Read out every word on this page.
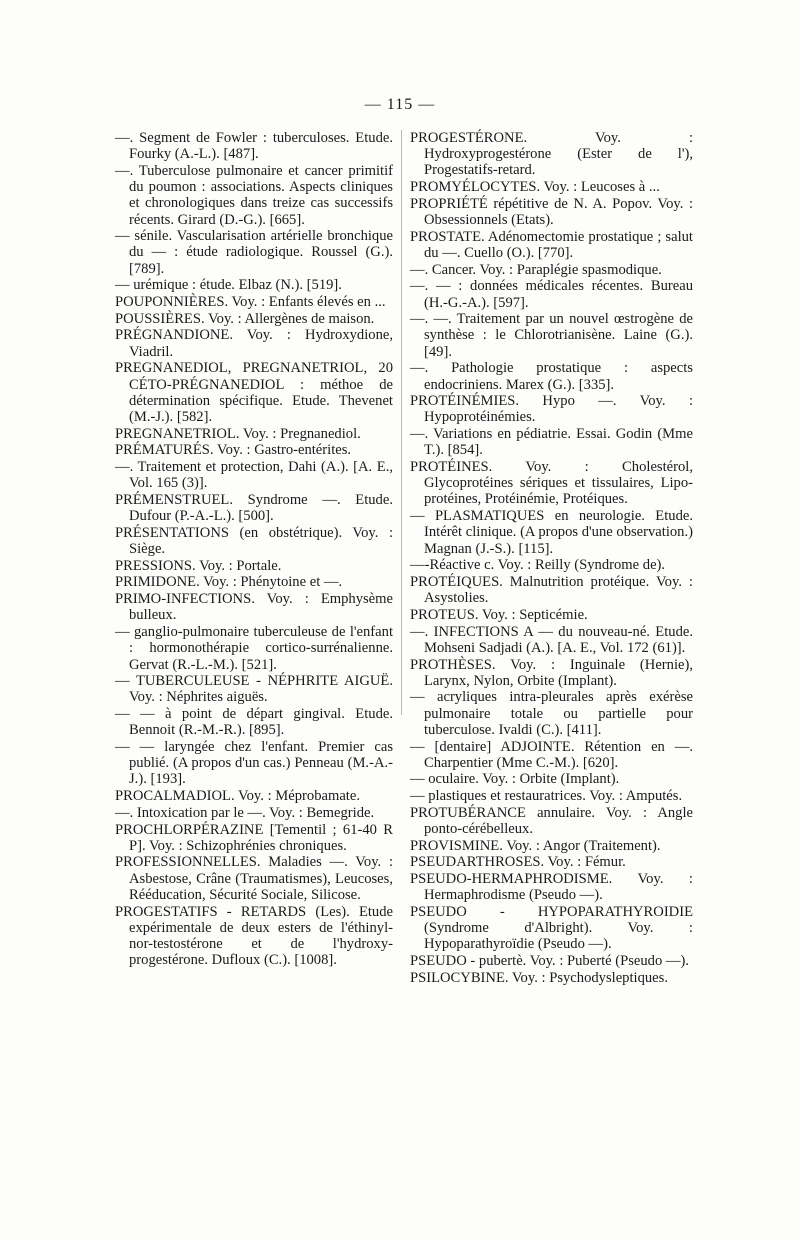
— 115 —

—. Segment de Fowler : tuberculoses. Etude. Fourky (A.-L.). [487].

—. Tuberculose pulmonaire et cancer primitif du poumon : associations. Aspects cliniques et chronologiques dans treize cas successifs récents. Girard (D.-G.). [665].

— sénile. Vascularisation artérielle bronchique du — : étude radiologique. Roussel (G.). [789].

— urémique : étude. Elbaz (N.). [519].

POUPONNIÈRES. Voy. : Enfants élevés en ...

POUSSIÈRES. Voy. : Allergènes de maison.

PRÉGNANDIONE. Voy. : Hydroxydione, Viadril.

PREGNANEDIOL, PREGNANETRIOL, 20 CÉTO-PRÉGNANEDIOL : méthoe de détermination spécifique. Etude. Thevenet (M.-J.). [582].

PREGNANETRIOL. Voy. : Pregnanediol.

PRÉMATURÉS. Voy. : Gastro-entérites.

—. Traitement et protection, Dahi (A.). [A. E., Vol. 165 (3)].

PRÉMENSTRUEL. Syndrome —. Etude. Dufour (P.-A.-L.). [500].

PRÉSENTATIONS (en obstétrique). Voy. : Siège.

PRESSIONS. Voy. : Portale.

PRIMIDONE. Voy. : Phénytoine et —.

PRIMO-INFECTIONS. Voy. : Emphysème bulleux.

— ganglio-pulmonaire tuberculeuse de l'enfant : hormonothérapie cortico-surrénalienne. Gervat (R.-L.-M.). [521].

— TUBERCULEUSE - NÉPHRITE AIGUË. Voy. : Néphrites aiguës.

— — à point de départ gingival. Etude. Bennoit (R.-M.-R.). [895].

— — laryngée chez l'enfant. Premier cas publié. (A propos d'un cas.) Penneau (M.-A.-J.). [193].

PROCALMADIOL. Voy. : Méprobamate.

—. Intoxication par le —. Voy. : Bemegride.

PROCHLORPÉRAZINE [Tementil ; 61-40 R P]. Voy. : Schizophrénies chroniques.

PROFESSIONNELLES. Maladies —. Voy. : Asbestose, Crâne (Traumatismes), Leucoses, Rééducation, Sécurité Sociale, Silicose.

PROGESTATIFS - RETARDS (Les). Etude expérimentale de deux esters de l'éthinyl-nor-testostérone et de l'hydroxy-progestérone. Dufloux (C.). [1008].

PROGESTÉRONE. Voy. : Hydroxyprogestérone (Ester de l'), Progestatifs-retard.

PROMYÉLOCYTES. Voy. : Leucoses à ...

PROPRIÉTÉ répétitive de N. A. Popov. Voy. : Obsessionnels (Etats).

PROSTATE. Adénomectomie prostatique ; salut du —. Cuello (O.). [770].

—. Cancer. Voy. : Paraplégie spasmodique.

—. — : données médicales récentes. Bureau (H.-G.-A.). [597].

—. —. Traitement par un nouvel œstrogène de synthèse : le Chlorotrianisène. Laine (G.). [49].

—. Pathologie prostatique : aspects endocriniens. Marex (G.). [335].

PROTÉINÉMIES. Hypo —. Voy. : Hypoprotéinémies.

—. Variations en pédiatrie. Essai. Godin (Mme T.). [854].

PROTÉINES. Voy. : Cholestérol, Glycoprotéines sériques et tissulaires, Lipo-protéines, Protéinémie, Protéiques.

— PLASMATIQUES en neurologie. Etude. Intérêt clinique. (A propos d'une observation.) Magnan (J.-S.). [115].

—-Réactive c. Voy. : Reilly (Syndrome de).

PROTÉIQUES. Malnutrition protéique. Voy. : Asystolies.

PROTEUS. Voy. : Septicémie.

—. INFECTIONS A — du nouveau-né. Etude. Mohseni Sadjadi (A.). [A. E., Vol. 172 (61)].

PROTHÈSES. Voy. : Inguinale (Hernie), Larynx, Nylon, Orbite (Implant).

— acryliques intra-pleurales après exérèse pulmonaire totale ou partielle pour tuberculose. Ivaldi (C.). [411].

— [dentaire] ADJOINTE. Rétention en —. Charpentier (Mme C.-M.). [620].

— oculaire. Voy. : Orbite (Implant).

— plastiques et restauratrices. Voy. : Amputés.

PROTUBÉRANCE annulaire. Voy. : Angle ponto-cérébelleux.

PROVISMINE. Voy. : Angor (Traitement).

PSEUDARTHROSES. Voy. : Fémur.

PSEUDO-HERMAPHRODISME. Voy. : Hermaphrodisme (Pseudo —).

PSEUDO - HYPOPARATHYROIDIE (Syndrome d'Albright). Voy. : Hypoparathyroïdie (Pseudo —).

PSEUDO - pubertè. Voy. : Puberté (Pseudo —).

PSILOCYBINE. Voy. : Psychodysleptiques.
